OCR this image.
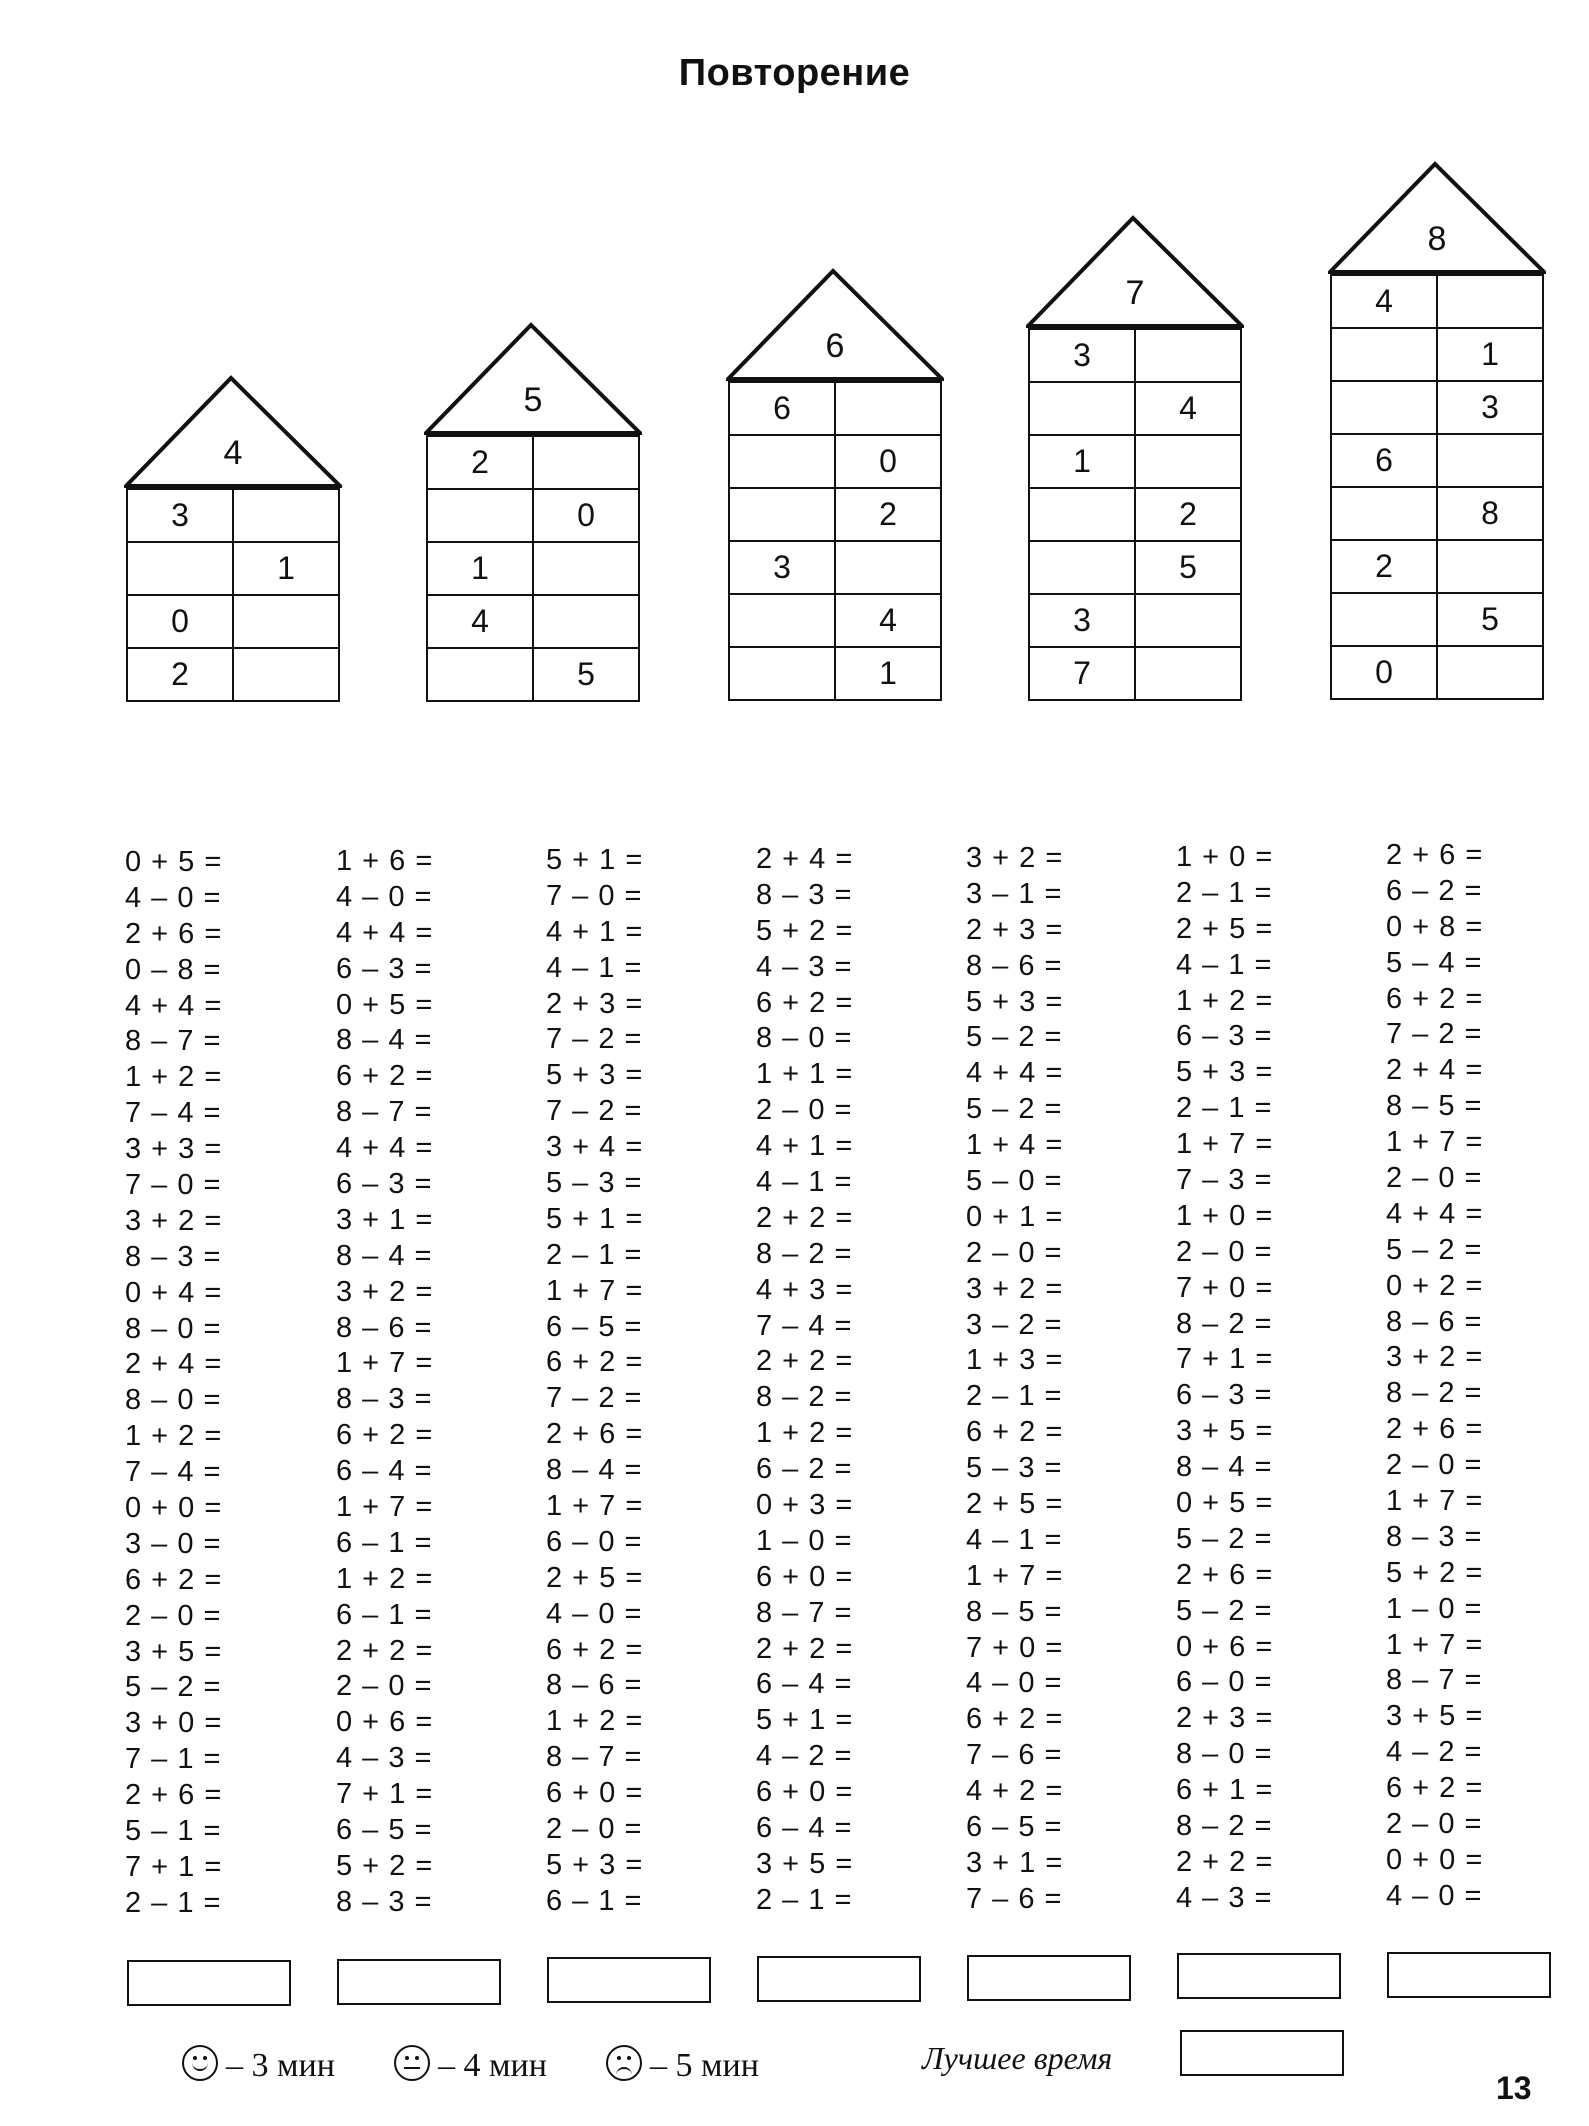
Повторение
4
3	
	1
0	
2	
5
2	
	0
1	
4	
	5
6
6	
	0
	2
3	
	4
	1
7
3	
	4
1	
	2
	5
3	
7	
8
4	
	1
	3
6	
	8
2	
	5
0	
0 + 5 =
4 – 0 =
2 + 6 =
0 – 8 =
4 + 4 =
8 – 7 =
1 + 2 =
7 – 4 =
3 + 3 =
7 – 0 =
3 + 2 =
8 – 3 =
0 + 4 =
8 – 0 =
2 + 4 =
8 – 0 =
1 + 2 =
7 – 4 =
0 + 0 =
3 – 0 =
6 + 2 =
2 – 0 =
3 + 5 =
5 – 2 =
3 + 0 =
7 – 1 =
2 + 6 =
5 – 1 =
7 + 1 =
2 – 1 =
1 + 6 =
4 – 0 =
4 + 4 =
6 – 3 =
0 + 5 =
8 – 4 =
6 + 2 =
8 – 7 =
4 + 4 =
6 – 3 =
3 + 1 =
8 – 4 =
3 + 2 =
8 – 6 =
1 + 7 =
8 – 3 =
6 + 2 =
6 – 4 =
1 + 7 =
6 – 1 =
1 + 2 =
6 – 1 =
2 + 2 =
2 – 0 =
0 + 6 =
4 – 3 =
7 + 1 =
6 – 5 =
5 + 2 =
8 – 3 =
5 + 1 =
7 – 0 =
4 + 1 =
4 – 1 =
2 + 3 =
7 – 2 =
5 + 3 =
7 – 2 =
3 + 4 =
5 – 3 =
5 + 1 =
2 – 1 =
1 + 7 =
6 – 5 =
6 + 2 =
7 – 2 =
2 + 6 =
8 – 4 =
1 + 7 =
6 – 0 =
2 + 5 =
4 – 0 =
6 + 2 =
8 – 6 =
1 + 2 =
8 – 7 =
6 + 0 =
2 – 0 =
5 + 3 =
6 – 1 =
2 + 4 =
8 – 3 =
5 + 2 =
4 – 3 =
6 + 2 =
8 – 0 =
1 + 1 =
2 – 0 =
4 + 1 =
4 – 1 =
2 + 2 =
8 – 2 =
4 + 3 =
7 – 4 =
2 + 2 =
8 – 2 =
1 + 2 =
6 – 2 =
0 + 3 =
1 – 0 =
6 + 0 =
8 – 7 =
2 + 2 =
6 – 4 =
5 + 1 =
4 – 2 =
6 + 0 =
6 – 4 =
3 + 5 =
2 – 1 =
3 + 2 =
3 – 1 =
2 + 3 =
8 – 6 =
5 + 3 =
5 – 2 =
4 + 4 =
5 – 2 =
1 + 4 =
5 – 0 =
0 + 1 =
2 – 0 =
3 + 2 =
3 – 2 =
1 + 3 =
2 – 1 =
6 + 2 =
5 – 3 =
2 + 5 =
4 – 1 =
1 + 7 =
8 – 5 =
7 + 0 =
4 – 0 =
6 + 2 =
7 – 6 =
4 + 2 =
6 – 5 =
3 + 1 =
7 – 6 =
1 + 0 =
2 – 1 =
2 + 5 =
4 – 1 =
1 + 2 =
6 – 3 =
5 + 3 =
2 – 1 =
1 + 7 =
7 – 3 =
1 + 0 =
2 – 0 =
7 + 0 =
8 – 2 =
7 + 1 =
6 – 3 =
3 + 5 =
8 – 4 =
0 + 5 =
5 – 2 =
2 + 6 =
5 – 2 =
0 + 6 =
6 – 0 =
2 + 3 =
8 – 0 =
6 + 1 =
8 – 2 =
2 + 2 =
4 – 3 =
2 + 6 =
6 – 2 =
0 + 8 =
5 – 4 =
6 + 2 =
7 – 2 =
2 + 4 =
8 – 5 =
1 + 7 =
2 – 0 =
4 + 4 =
5 – 2 =
0 + 2 =
8 – 6 =
3 + 2 =
8 – 2 =
2 + 6 =
2 – 0 =
1 + 7 =
8 – 3 =
5 + 2 =
1 – 0 =
1 + 7 =
8 – 7 =
3 + 5 =
4 – 2 =
6 + 2 =
2 – 0 =
0 + 0 =
4 – 0 =
– 3 мин	– 4 мин	– 5 мин	Лучшее время
13
